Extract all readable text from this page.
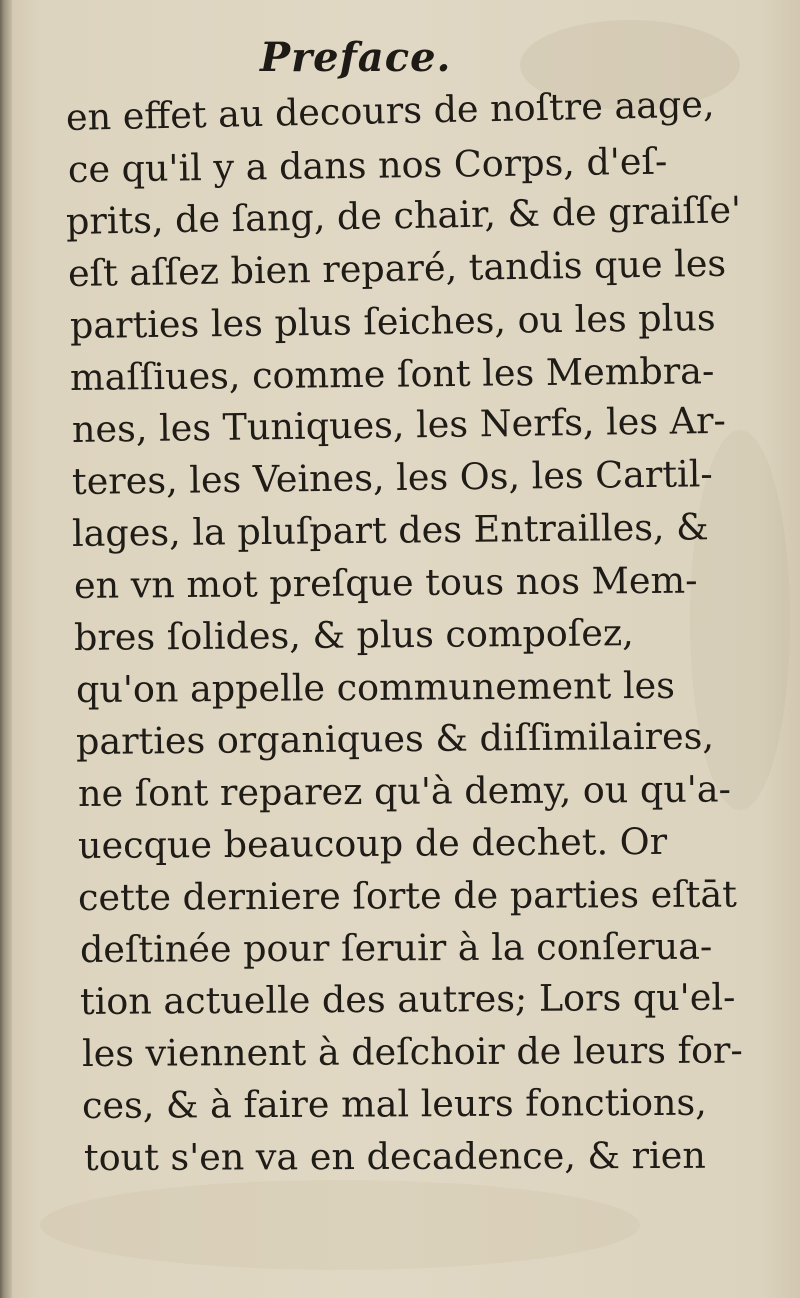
Preface.
en effet au decours de noſtre aage,
ce qu'il y a dans nos Corps, d'eſ-
prits, de ſang, de chair, & de graiſſe'
eſt aſſez bien reparé, tandis que les
parties les plus ſeiches, ou les plus
maſſiues, comme ſont les Membra-
nes, les Tuniques, les Nerfs, les Ar-
teres, les Veines, les Os, les Cartil-
lages, la pluſpart des Entrailles, &
en vn mot preſque tous nos Mem-
bres ſolides, & plus compoſez,
qu'on appelle communement les
parties organiques & diſſimilaires,
ne ſont reparez qu'à demy, ou qu'a-
uecque beaucoup de dechet. Or
cette derniere ſorte de parties eſtāt
deſtinée pour ſeruir à la conſerua-
tion actuelle des autres; Lors qu'el-
les viennent à deſchoir de leurs for-
ces, & à faire mal leurs fonctions,
tout s'en va en decadence, & rien
